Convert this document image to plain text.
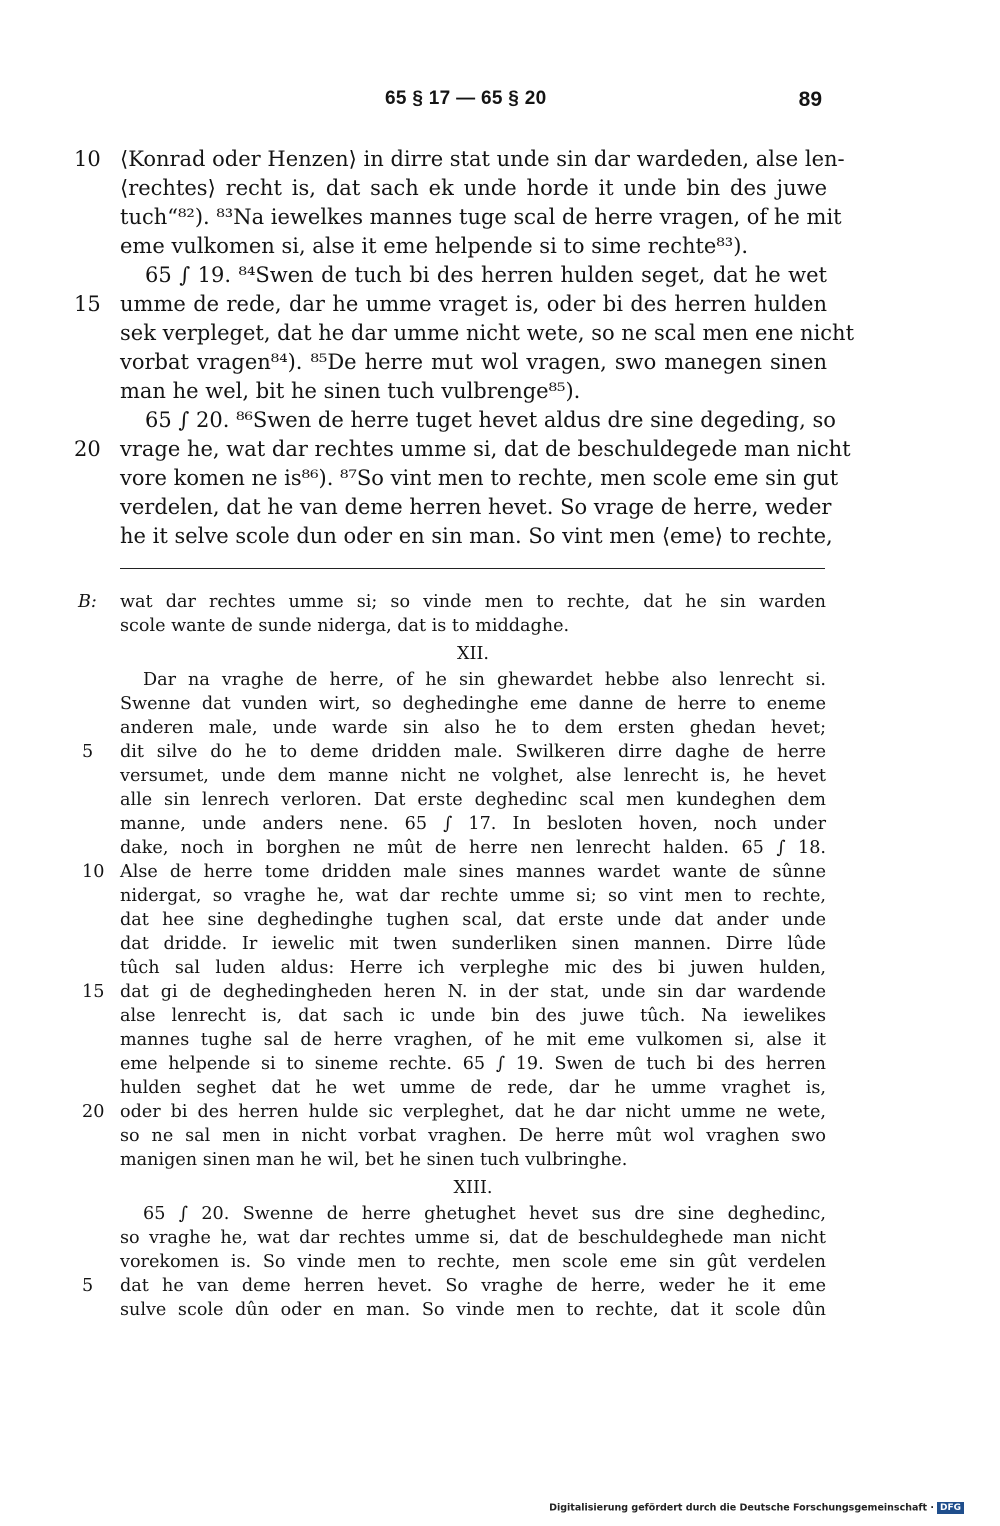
65 § 17 — 65 § 20	89
10 ⟨Konrad oder Henzen⟩ in dirre stat unde sin dar wardeden, alse len-
⟨rechtes⟩ recht is, dat sach ek unde horde it unde bin des juwe
tuch“⁸²). ⁸³Na iewelkes mannes tuge scal de herre vragen, of he mit
eme vulkomen si, alse it eme helpende si to sime rechte⁸³).
65 ∫ 19. ⁸⁴Swen de tuch bi des herren hulden seget, dat he wet
15 umme de rede, dar he umme vraget is, oder bi des herren hulden
sek verpleget, dat he dar umme nicht wete, so ne scal men ene nicht
vorbat vragen⁸⁴). ⁸⁵De herre mut wol vragen, swo manegen sinen
man he wel, bit he sinen tuch vulbrenge⁸⁵).
65 ∫ 20. ⁸⁶Swen de herre tuget hevet aldus dre sine degeding, so
20 vrage he, wat dar rechtes umme si, dat de beschuldegede man nicht
vore komen ne is⁸⁶). ⁸⁷So vint men to rechte, men scole eme sin gut
verdelen, dat he van deme herren hevet. So vrage de herre, weder
he it selve scole dun oder en sin man. So vint men ⟨eme⟩ to rechte,
B: wat dar rechtes umme si; so vinde men to rechte, dat he sin warden
scole wante de sunde niderga, dat is to middaghe.
XII.
Dar na vraghe de herre, of he sin ghewardet hebbe also lenrecht si.
Swenne dat vunden wirt, so deghedinghe eme danne de herre to eneme
anderen male, unde warde sin also he to dem ersten ghedan hevet;
5 dit silve do he to deme dridden male. Swilkeren dirre daghe de herre
versumet, unde dem manne nicht ne volghet, alse lenrecht is, he hevet
alle sin lenrech verloren. Dat erste deghedinc scal men kundeghen dem
manne, unde anders nene. 65 ∫ 17. In besloten hoven, noch under
dake, noch in borghen ne mût de herre nen lenrecht halden. 65 ∫ 18.
10 Alse de herre tome dridden male sines mannes wardet wante de sûnne
nidergat, so vraghe he, wat dar rechte umme si; so vint men to rechte,
dat hee sine deghedinghe tughen scal, dat erste unde dat ander unde
dat dridde. Ir iewelic mit twen sunderliken sinen mannen. Dirre lûde
tûch sal luden aldus: Herre ich verpleghe mic des bi juwen hulden,
15 dat gi de deghedingheden heren N. in der stat, unde sin dar wardende
alse lenrecht is, dat sach ic unde bin des juwe tûch. Na iewelikes
mannes tughe sal de herre vraghen, of he mit eme vulkomen si, alse it
eme helpende si to sineme rechte. 65 ∫ 19. Swen de tuch bi des herren
hulden seghet dat he wet umme de rede, dar he umme vraghet is,
20 oder bi des herren hulde sic verpleghet, dat he dar nicht umme ne wete,
so ne sal men in nicht vorbat vraghen. De herre mût wol vraghen swo
manigen sinen man he wil, bet he sinen tuch vulbringhe.
XIII.
65 ∫ 20. Swenne de herre ghetughet hevet sus dre sine deghedinc,
so vraghe he, wat dar rechtes umme si, dat de beschuldeghede man nicht
vorekomen is. So vinde men to rechte, men scole eme sin gût verdelen
5 dat he van deme herren hevet. So vraghe de herre, weder he it eme
sulve scole dûn oder en man. So vinde men to rechte, dat it scole dûn
Digitalisierung gefördert durch die Deutsche Forschungsgemeinschaft · DFG
